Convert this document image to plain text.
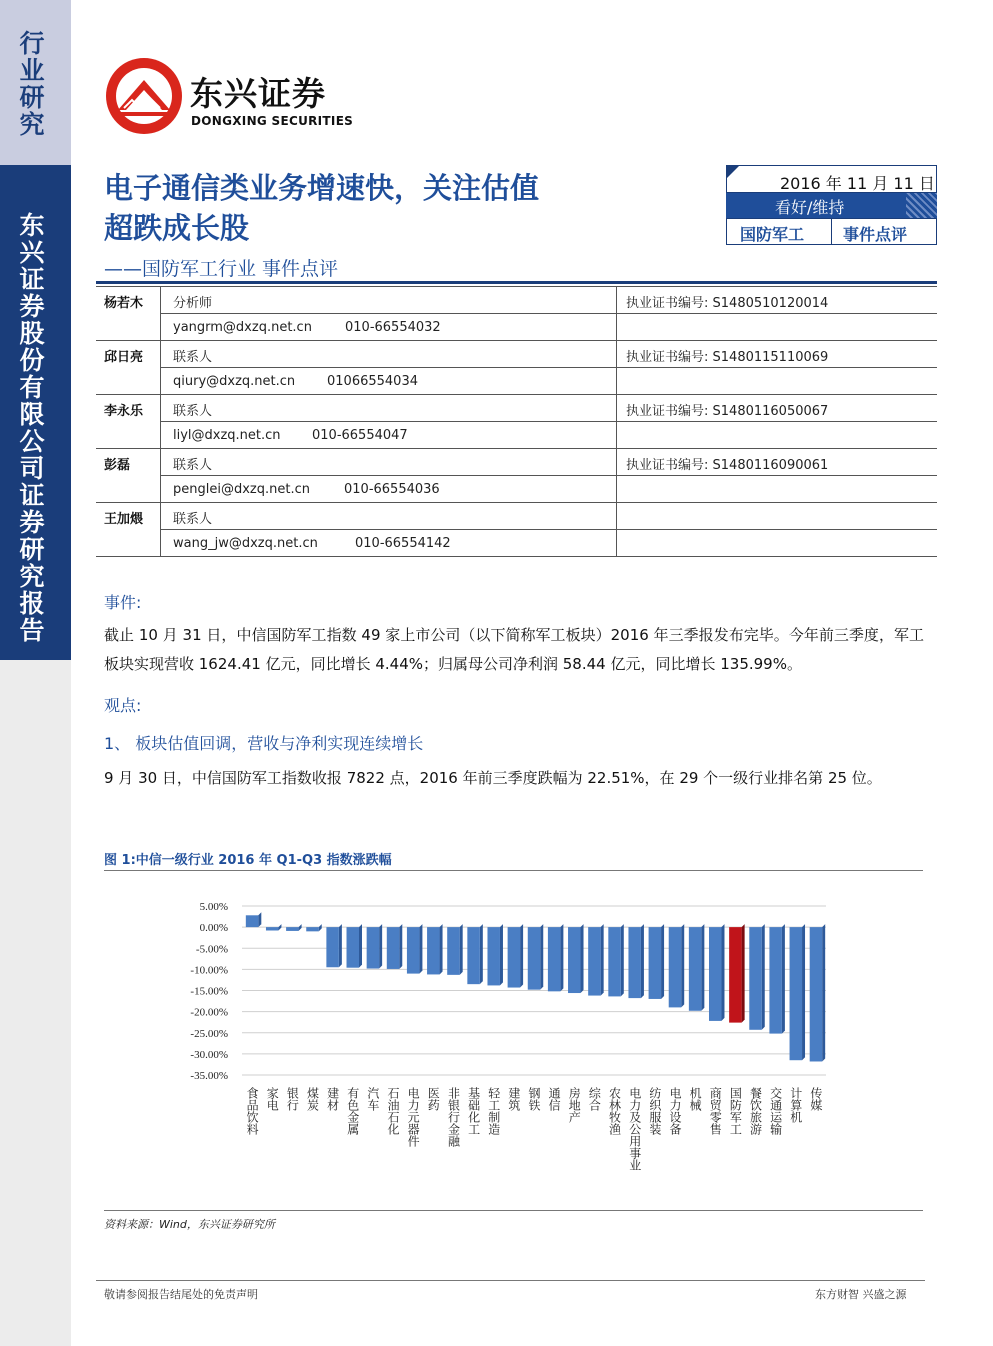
行业研究
东兴证券股份有限公司证券研究报告
东兴证券
DONGXING SECURITIES
电子通信类业务增速快，关注估值
超跌成长股
——国防军工行业 事件点评
2016 年 11 月 11 日
看好/维持
国防军工 事件点评
杨若木 分析师	执业证书编号: S1480510120014
yangrm@dxzq.net.cn	010-66554032
邱日亮 联系人	执业证书编号: S1480115110069
qiury@dxzq.net.cn 01066554034
李永乐 联系人	执业证书编号: S1480116050067
liyl@dxzq.net.cn 010-66554047
彭磊	联系人	执业证书编号: S1480116090061
penglei@dxzq.net.cn	010-66554036
王加煨 联系人
wang_jw@dxzq.net.cn	010-66554142
事件:
截止 10 月 31 日，中信国防军工指数 49 家上市公司（以下简称军工板块）2016 年三季报发布完毕。今年前三季度，军工板块实现营收 1624.41 亿元，同比增长 4.44%；归属母公司净利润 58.44 亿元，同比增长 135.99%。
观点:
1、 板块估值回调，营收与净利实现连续增长
9 月 30 日，中信国防军工指数收报 7822 点，2016 年前三季度跌幅为 22.51%，在 29 个一级行业排名第 25 位。
图 1:中信一级行业 2016 年 Q1-Q3 指数涨跌幅
5.00%
0.00%
-5.00%
-10.00%
-15.00%
-20.00%
-25.00%
-30.00%
-35.00%
食品饮料 家电 银行 煤炭 建材 有色金属 汽车 石油石化 电力元器件 医药 非银行金融 基础化工 轻工制造 建筑 钢铁 通信 房地产 综合 农林牧渔 电力及公用事业 纺织服装 电力设备 机械 商贸零售 国防军工 餐饮旅游 交通运输 计算机 传媒
资料来源：Wind，东兴证券研究所
敬请参阅报告结尾处的免责声明	东方财智 兴盛之源
